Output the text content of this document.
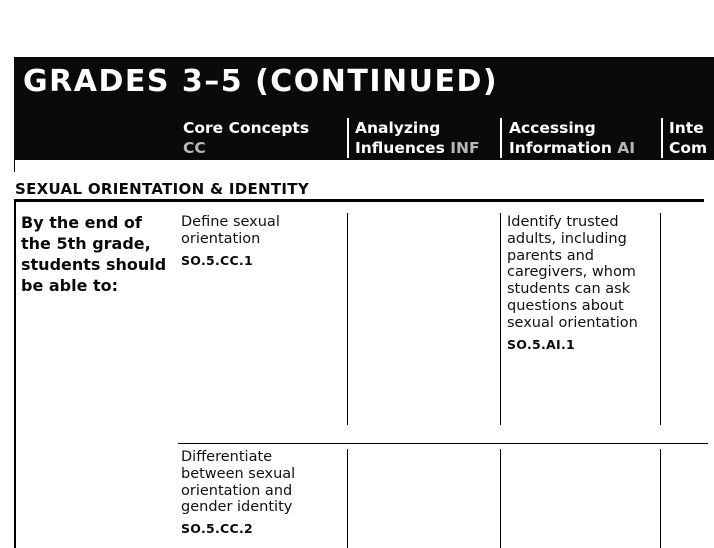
GRADES 3–5 (CONTINUED)
Core Concepts
CC
Analyzing
Influences INF
Accessing
Information AI
Inte
Com
SEXUAL ORIENTATION & IDENTITY
By the end of the 5th grade, students should be able to:
Define sexual orientation
SO.5.CC.1
Identify trusted adults, including parents and caregivers, whom students can ask questions about sexual orientation
SO.5.AI.1
Differentiate between sexual orientation and gender identity
SO.5.CC.2
